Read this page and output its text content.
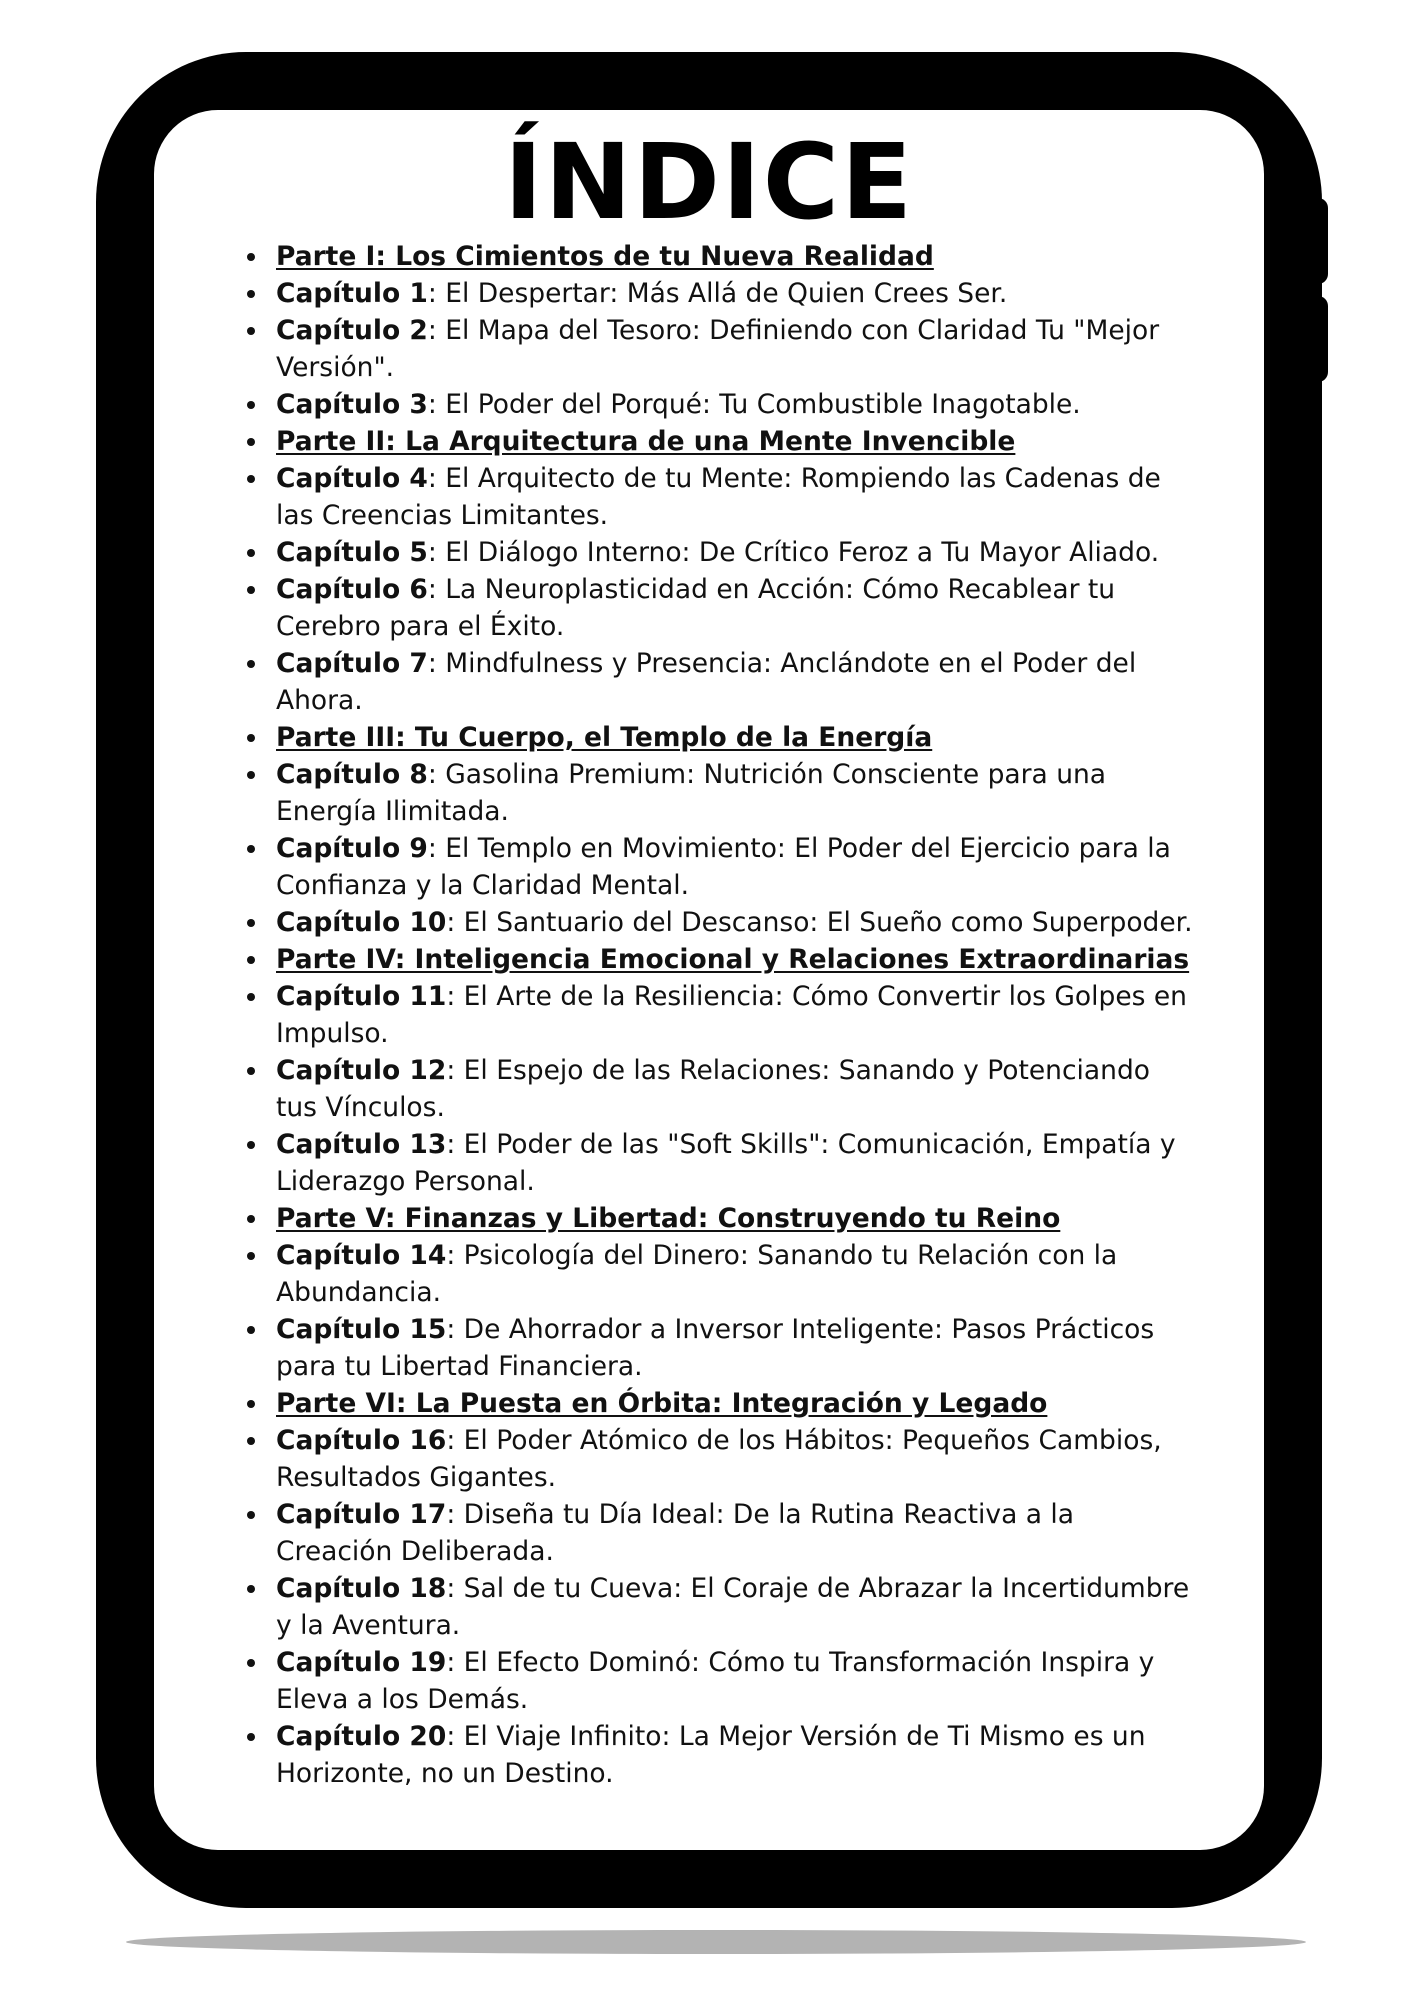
ÍNDICE
Parte I: Los Cimientos de tu Nueva Realidad
Capítulo 1: El Despertar: Más Allá de Quien Crees Ser.
Capítulo 2: El Mapa del Tesoro: Definiendo con Claridad Tu "Mejor Versión".
Capítulo 3: El Poder del Porqué: Tu Combustible Inagotable.
Parte II: La Arquitectura de una Mente Invencible
Capítulo 4: El Arquitecto de tu Mente: Rompiendo las Cadenas de las Creencias Limitantes.
Capítulo 5: El Diálogo Interno: De Crítico Feroz a Tu Mayor Aliado.
Capítulo 6: La Neuroplasticidad en Acción: Cómo Recablear tu Cerebro para el Éxito.
Capítulo 7: Mindfulness y Presencia: Anclándote en el Poder del Ahora.
Parte III: Tu Cuerpo, el Templo de la Energía
Capítulo 8: Gasolina Premium: Nutrición Consciente para una Energía Ilimitada.
Capítulo 9: El Templo en Movimiento: El Poder del Ejercicio para la Confianza y la Claridad Mental.
Capítulo 10: El Santuario del Descanso: El Sueño como Superpoder.
Parte IV: Inteligencia Emocional y Relaciones Extraordinarias
Capítulo 11: El Arte de la Resiliencia: Cómo Convertir los Golpes en Impulso.
Capítulo 12: El Espejo de las Relaciones: Sanando y Potenciando tus Vínculos.
Capítulo 13: El Poder de las "Soft Skills": Comunicación, Empatía y Liderazgo Personal.
Parte V: Finanzas y Libertad: Construyendo tu Reino
Capítulo 14: Psicología del Dinero: Sanando tu Relación con la Abundancia.
Capítulo 15: De Ahorrador a Inversor Inteligente: Pasos Prácticos para tu Libertad Financiera.
Parte VI: La Puesta en Órbita: Integración y Legado
Capítulo 16: El Poder Atómico de los Hábitos: Pequeños Cambios, Resultados Gigantes.
Capítulo 17: Diseña tu Día Ideal: De la Rutina Reactiva a la Creación Deliberada.
Capítulo 18: Sal de tu Cueva: El Coraje de Abrazar la Incertidumbre y la Aventura.
Capítulo 19: El Efecto Dominó: Cómo tu Transformación Inspira y Eleva a los Demás.
Capítulo 20: El Viaje Infinito: La Mejor Versión de Ti Mismo es un Horizonte, no un Destino.
